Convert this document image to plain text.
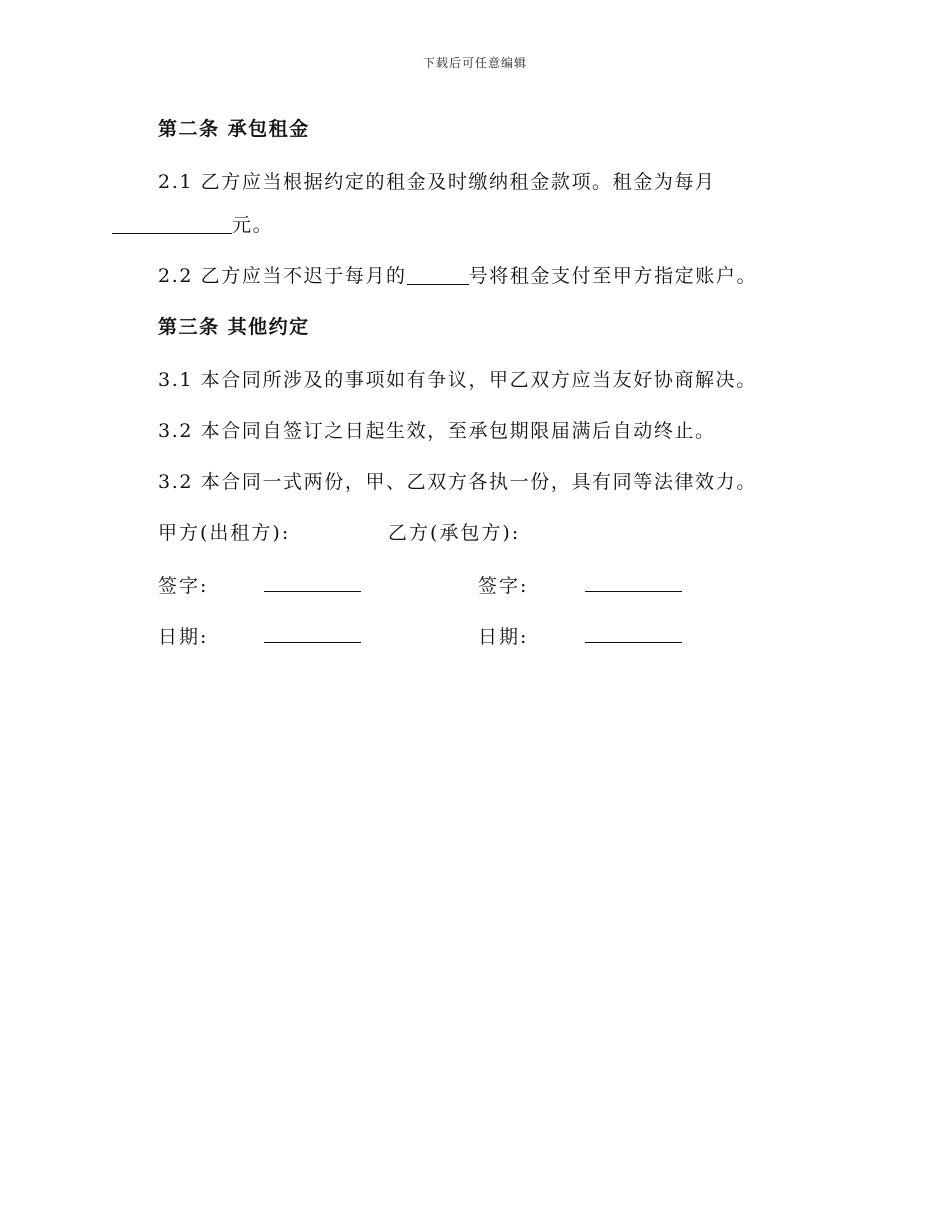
下载后可任意编辑
第二条 承包租金
2.1 乙方应当根据约定的租金及时缴纳租金款项。租金为每月
元。
2.2 乙方应当不迟于每月的	号将租金支付至甲方指定账户。
第三条 其他约定
3.1 本合同所涉及的事项如有争议，甲乙双方应当友好协商解决。
3.2 本合同自签订之日起生效，至承包期限届满后自动终止。
3.2 本合同一式两份，甲、乙双方各执一份，具有同等法律效力。
甲方(出租方):	乙方(承包方):
签字:	签字:
日期:	日期:
